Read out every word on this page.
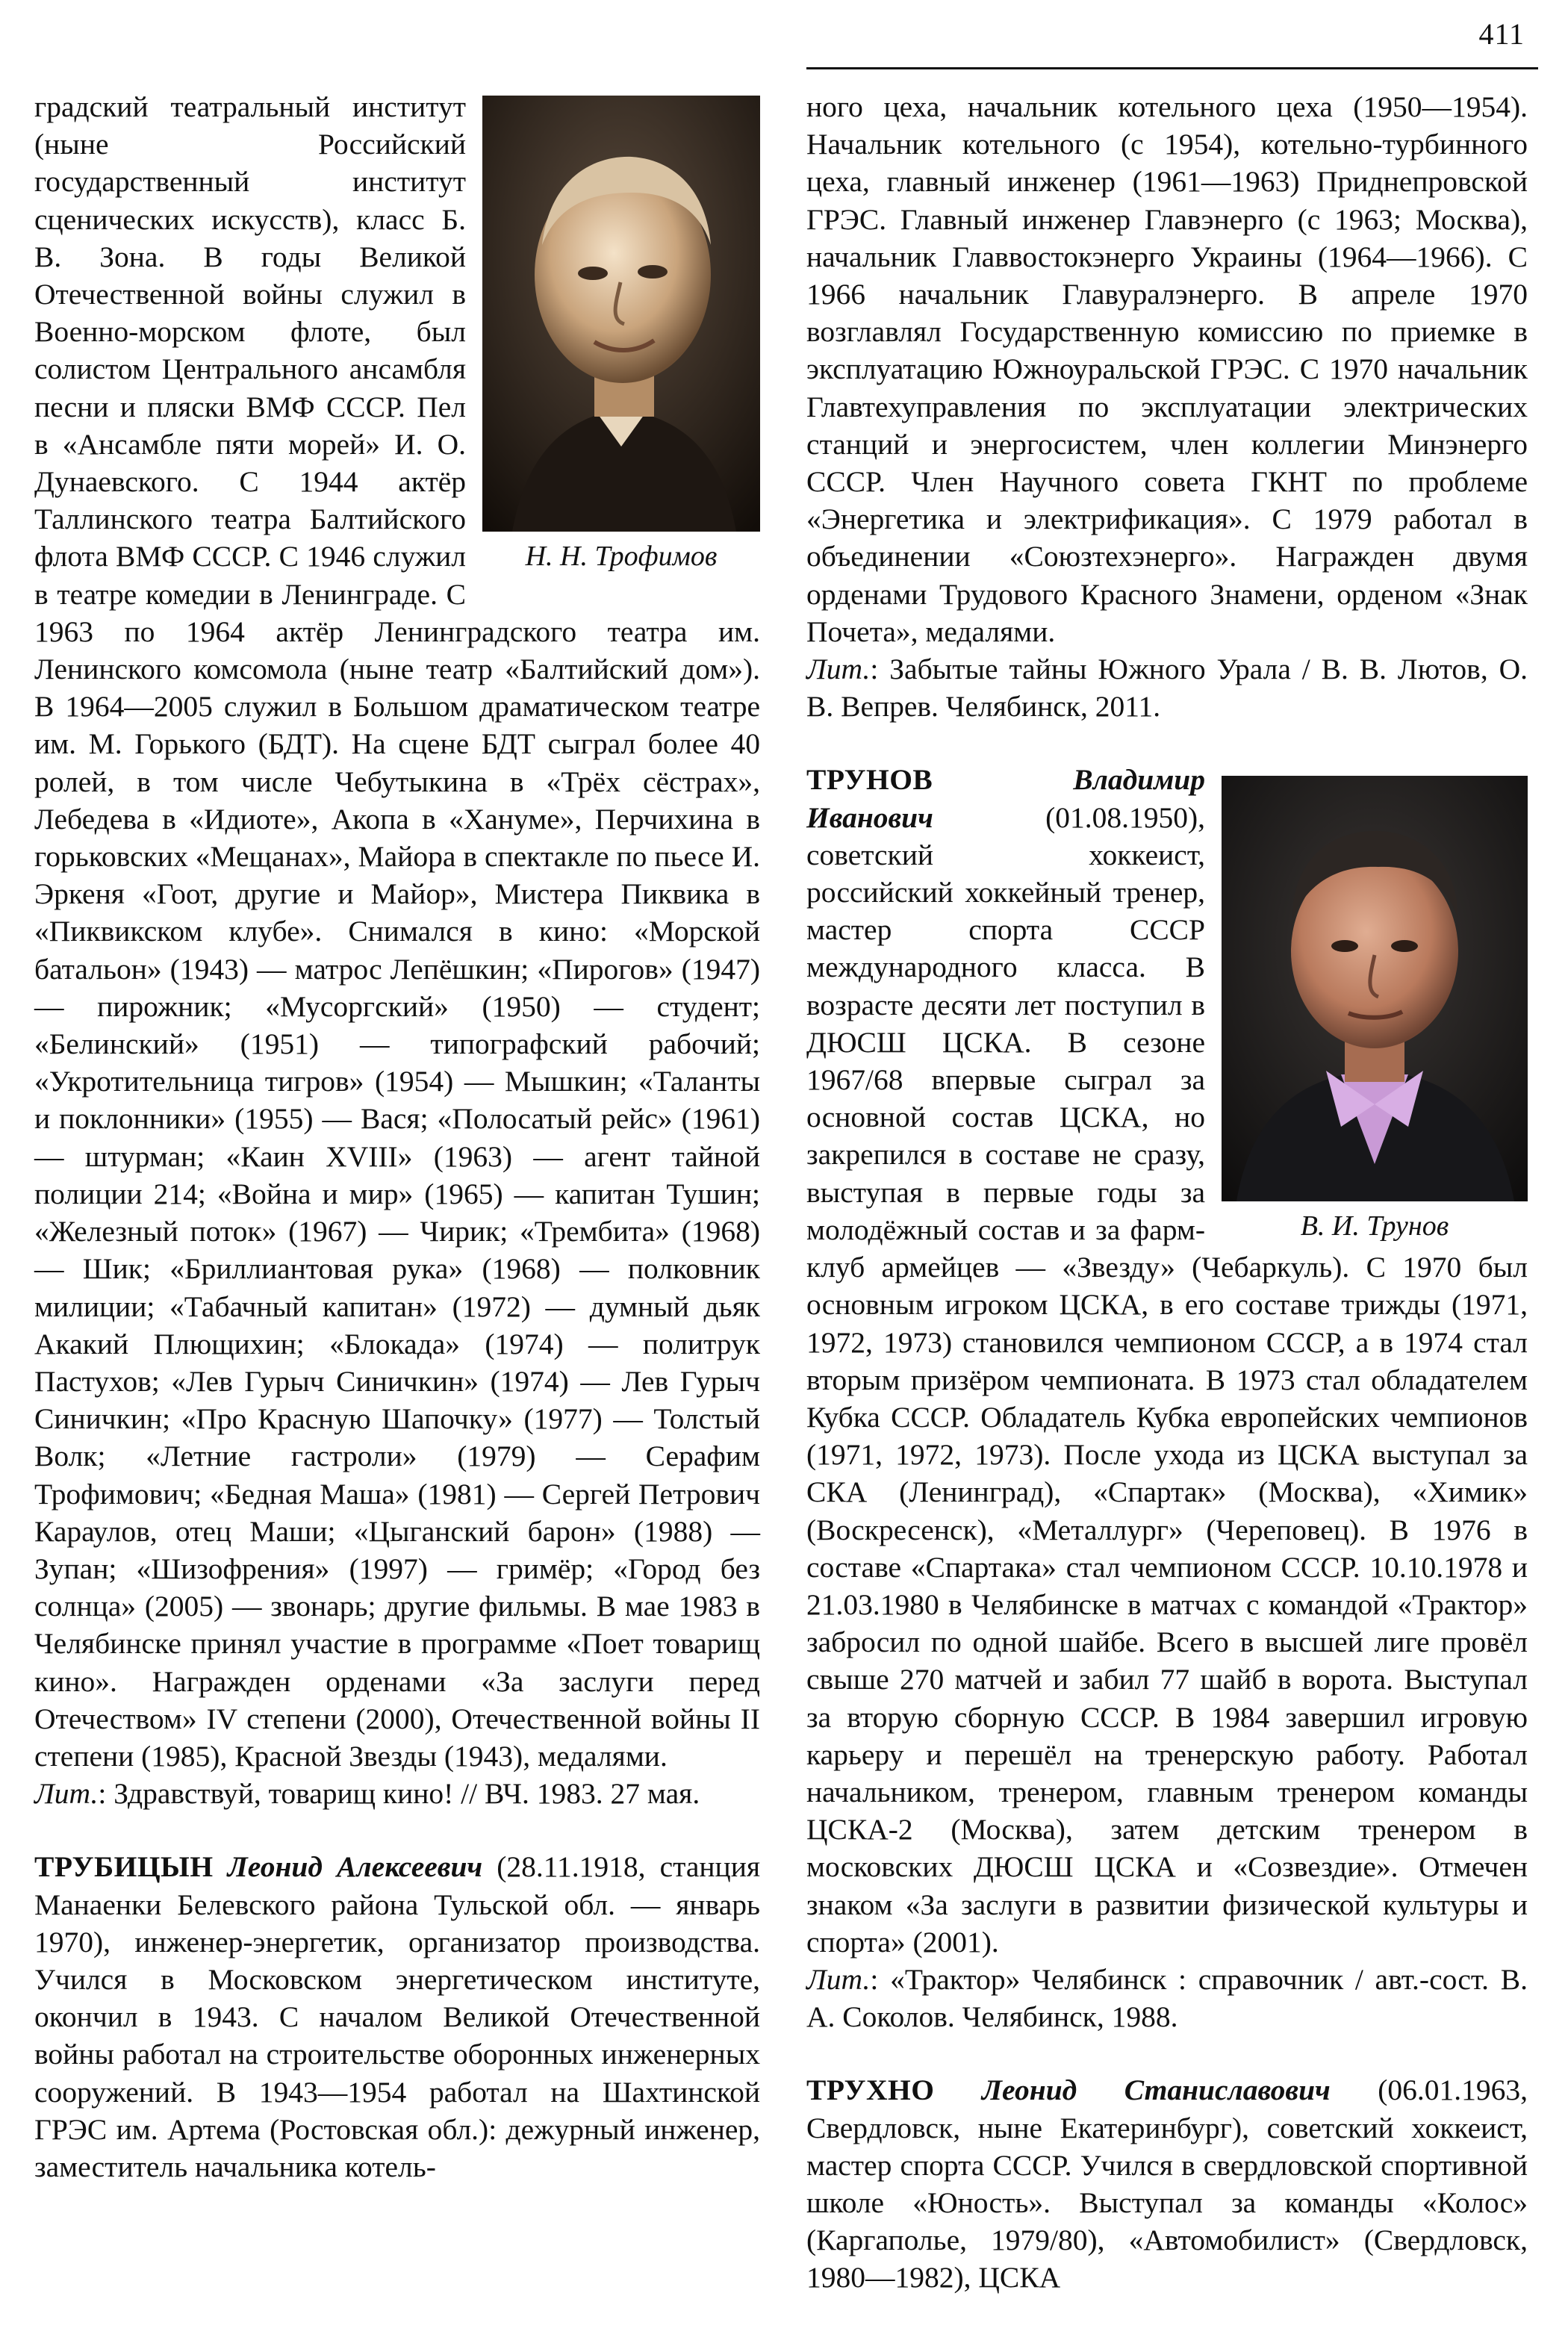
411
Н. Н. Трофимов

градский театральный институт (ныне Российский государственный институт сценических искусств), класс Б. В. Зона. В годы Великой Отечественной войны служил в Военно-морском флоте, был солистом Центрального ансамбля песни и пляски ВМФ СССР. Пел в «Ансамбле пяти морей» И. О. Дунаевского. С 1944 актёр Таллинского театра Балтийского флота ВМФ СССР. С 1946 служил в театре комедии в Ленинграде. С 1963 по 1964 актёр Ленинградского театра им. Ленинского комсомола (ныне театр «Балтийский дом»). В 1964—2005 служил в Большом драматическом театре им. М. Горького (БДТ). На сцене БДТ сыграл более 40 ролей, в том числе Чебутыкина в «Трёх сёстрах», Лебедева в «Идиоте», Акопа в «Хануме», Перчихина в горьковских «Мещанах», Майора в спектакле по пьесе И. Эркеня «Гоот, другие и Майор», Мистера Пиквика в «Пиквикском клубе». Снимался в кино: «Морской батальон» (1943) — матрос Лепёшкин; «Пирогов» (1947) — пирожник; «Мусоргский» (1950) — студент; «Белинский» (1951) — типографский рабочий; «Укротительница тигров» (1954) — Мышкин; «Таланты и поклонники» (1955) — Вася; «Полосатый рейс» (1961) — штурман; «Каин XVIII» (1963) — агент тайной полиции 214; «Война и мир» (1965) — капитан Тушин; «Железный поток» (1967) — Чирик; «Трембита» (1968) — Шик; «Бриллиантовая рука» (1968) — полковник милиции; «Табачный капитан» (1972) — думный дьяк Акакий Плющихин; «Блокада» (1974) — политрук Пастухов; «Лев Гурыч Синичкин» (1974) — Лев Гурыч Синичкин; «Про Красную Шапочку» (1977) — Толстый Волк; «Летние гастроли» (1979) — Серафим Трофимович; «Бедная Маша» (1981) — Сергей Петрович Караулов, отец Маши; «Цыганский барон» (1988) — Зупан; «Шизофрения» (1997) — гримёр; «Город без солнца» (2005) — звонарь; другие фильмы. В мае 1983 в Челябинске принял участие в программе «Поет товарищ кино». Награжден орденами «За заслуги перед Отечеством» IV степени (2000), Отечественной войны II степени (1985), Красной Звезды (1943), медалями.

Лит.: Здравствуй, товарищ кино! // ВЧ. 1983. 27 мая.

ТРУБИЦЫН Леонид Алексеевич (28.11.1918, станция Манаенки Белевского района Тульской обл. — январь 1970), инженер-энергетик, организатор производства. Учился в Московском энергетическом институте, окончил в 1943. С началом Великой Отечественной войны работал на строительстве оборонных инженерных сооружений. В 1943—1954 работал на Шахтинской ГРЭС им. Артема (Ростовская обл.): дежурный инженер, заместитель начальника котель-

ного цеха, начальник котельного цеха (1950—1954). Начальник котельного (с 1954), котельно-турбинного цеха, главный инженер (1961—1963) Приднепровской ГРЭС. Главный инженер Главэнерго (с 1963; Москва), начальник Главвостокэнерго Украины (1964—1966). С 1966 начальник Главуралэнерго. В апреле 1970 возглавлял Государственную комиссию по приемке в эксплуатацию Южноуральской ГРЭС. С 1970 начальник Главтехуправления по эксплуатации электрических станций и энергосистем, член коллегии Минэнерго СССР. Член Научного совета ГКНТ по проблеме «Энергетика и электрификация». С 1979 работал в объединении «Союзтехэнерго». Награжден двумя орденами Трудового Красного Знамени, орденом «Знак Почета», медалями.

Лит.: Забытые тайны Южного Урала / В. В. Лютов, О. В. Вепрев. Челябинск, 2011.

В. И. Трунов
ТРУНОВ	Владимир Иванович (01.08.1950), советский хоккеист, российский хоккейный тренер, мастер спорта СССР международного класса. В возрасте десяти лет поступил в ДЮСШ ЦСКА. В сезоне 1967/68 впервые сыграл за основной состав ЦСКА, но закрепился в составе не сразу, выступая в первые годы за молодёжный состав и за фарм-клуб армейцев — «Звезду» (Чебаркуль). С 1970 был основным игроком ЦСКА, в его составе трижды (1971, 1972, 1973) становился чемпионом СССР, а в 1974 стал вторым призёром чемпионата. В 1973 стал обладателем Кубка СССР. Обладатель Кубка европейских чемпионов (1971, 1972, 1973). После ухода из ЦСКА выступал за СКА (Ленинград), «Спартак» (Москва), «Химик» (Воскресенск), «Металлург» (Череповец). В 1976 в составе «Спартака» стал чемпионом СССР. 10.10.1978 и 21.03.1980 в Челябинске в матчах с командой «Трактор» забросил по одной шайбе. Всего в высшей лиге провёл свыше 270 матчей и забил 77 шайб в ворота. Выступал за вторую сборную СССР. В 1984 завершил игровую карьеру и перешёл на тренерскую работу. Работал начальником, тренером, главным тренером команды ЦСКА-2 (Москва), затем детским тренером в московских ДЮСШ ЦСКА и «Созвездие». Отмечен знаком «За заслуги в развитии физической культуры и спорта» (2001).

Лит.: «Трактор» Челябинск : справочник / авт.-сост. В. А. Соколов. Челябинск, 1988.

ТРУХНО Леонид Станиславович (06.01.1963, Свердловск, ныне Екатеринбург), советский хоккеист, мастер спорта СССР. Учился в свердловской спортивной школе «Юность». Выступал за команды «Колос» (Каргаполье, 1979/80), «Автомобилист» (Свердловск, 1980—1982), ЦСКА
